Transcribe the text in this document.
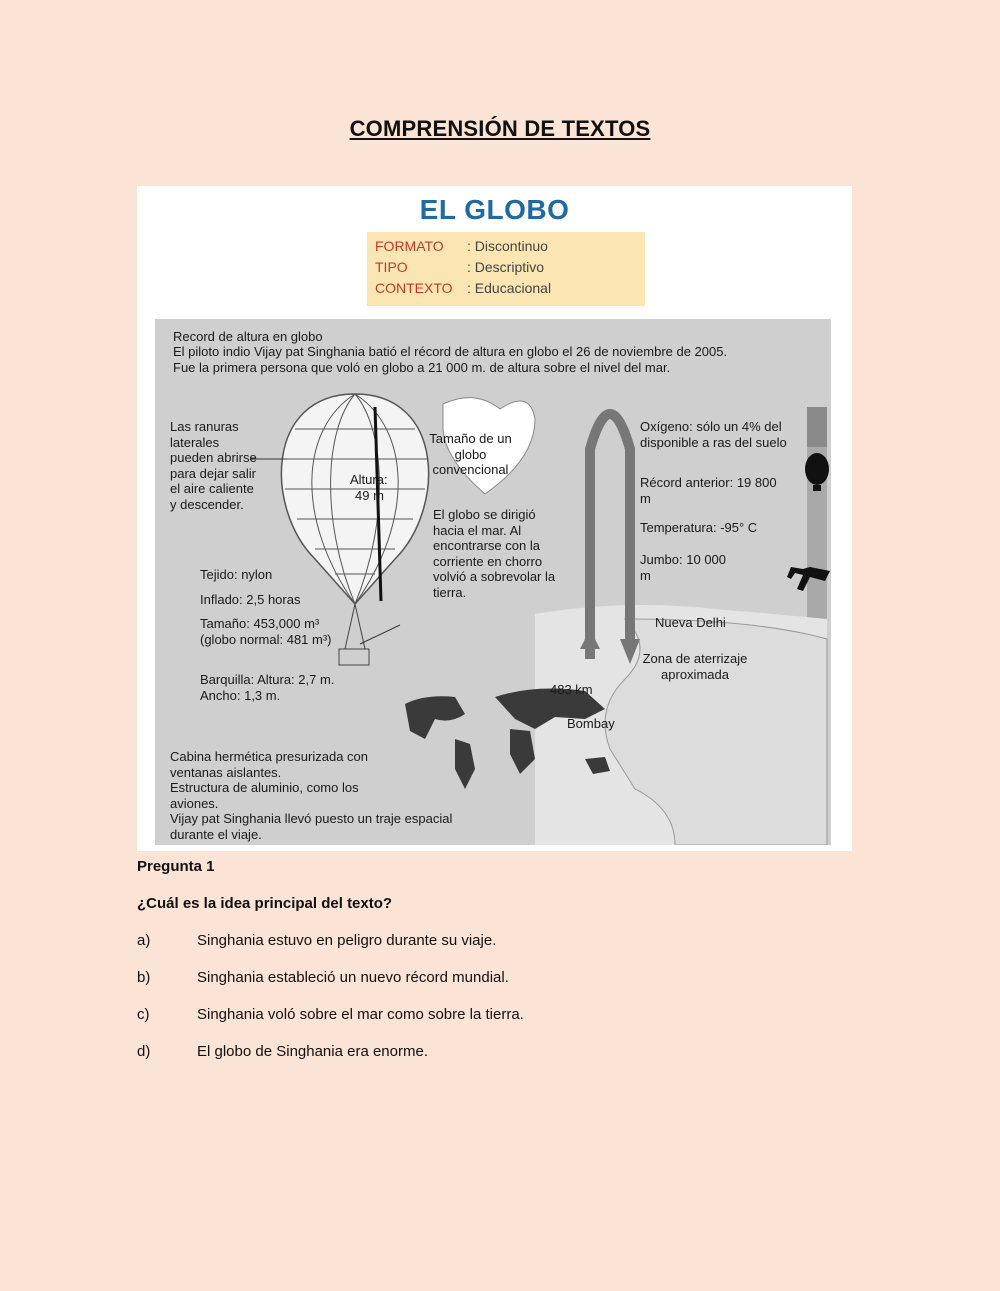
COMPRENSIÓN DE TEXTOS
EL GLOBO
FORMATO : Discontinuo
TIPO	: Descriptivo
CONTEXTO : Educacional
Record de altura en globo
El piloto indio Vijay pat Singhania batió el récord de altura en globo el 26 de noviembre de 2005. Fue la primera persona que voló en globo a 21 000 m. de altura sobre el nivel del mar.
Las ranuras laterales pueden abrirse para dejar salir el aire caliente y descender.
Altura:
49 m
Tamaño de un globo convencional
Tejido: nylon
Inflado: 2,5 horas
Tamaño: 453,000 m³ (globo normal: 481 m³)
Barquilla: Altura: 2,7 m. Ancho: 1,3 m.
El globo se dirigió hacia el mar. Al encontrarse con la corriente en chorro volvió a sobrevolar la tierra.
Oxígeno: sólo un 4% del disponible a ras del suelo
Récord anterior: 19 800 m
Temperatura: -95° C
Jumbo: 10 000 m
Nueva Delhi
Zona de aterrizaje aproximada
483 km
Bombay
Cabina hermética presurizada con ventanas aislantes.
Estructura de aluminio, como los aviones.
Vijay pat Singhania llevó puesto un traje espacial durante el viaje.
Pregunta 1
¿Cuál es la idea principal del texto?
a)	Singhania estuvo en peligro durante su viaje.
b)	Singhania estableció un nuevo récord mundial.
c)	Singhania voló sobre el mar como sobre la tierra.
d)	El globo de Singhania era enorme.
